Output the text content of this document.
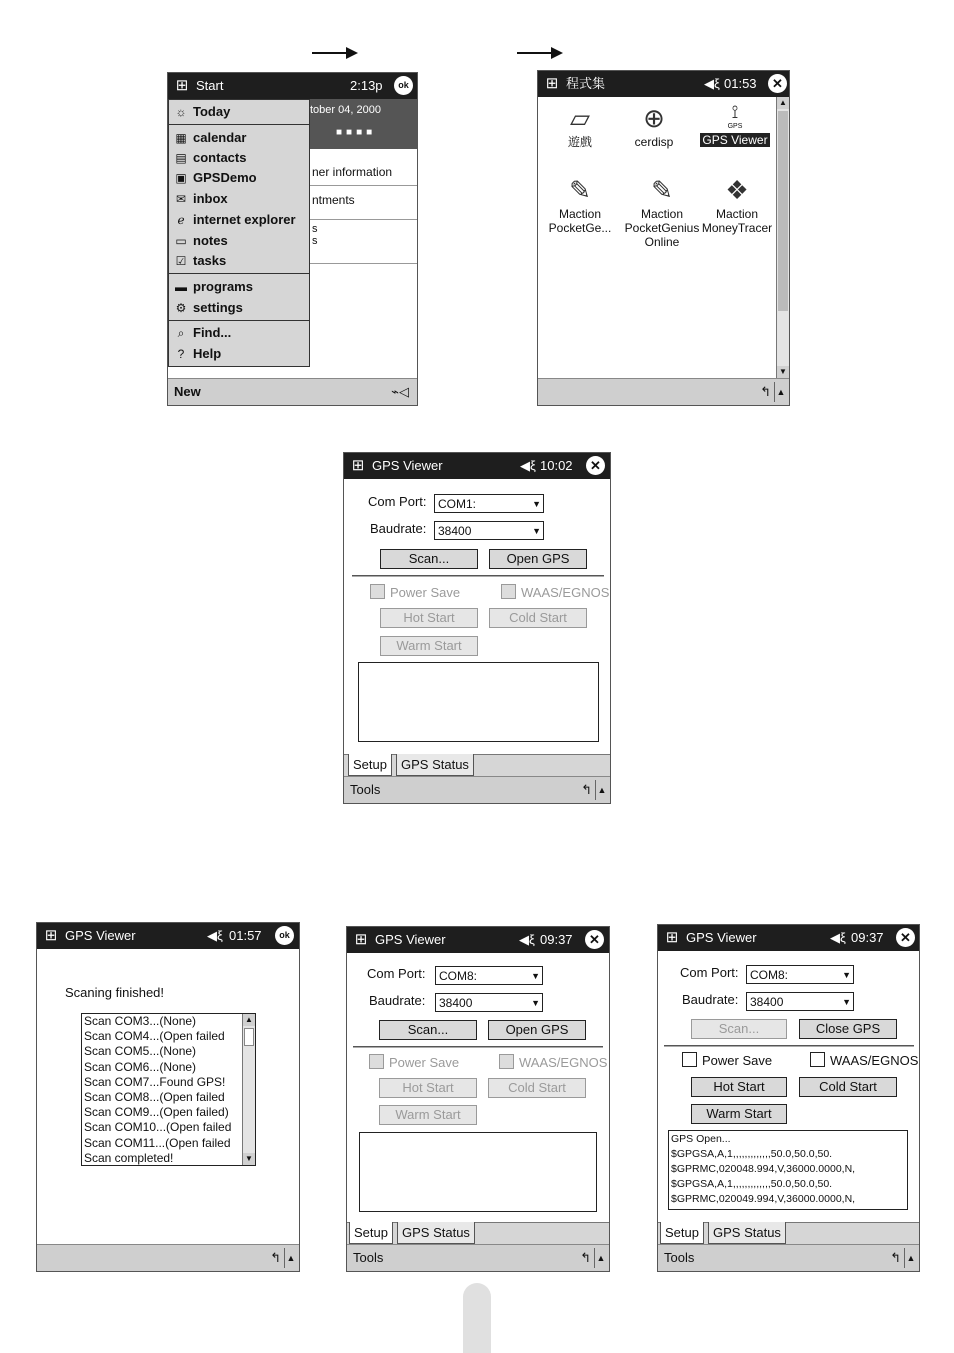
⊞ Start	2:13p	ok
tober 04, 2000
■■■■
ner information
ntments
s
s
☼ Today
▦ calendar
▤ contacts
▣ GPSDemo
✉ inbox
ℯ internet explorer
▭ notes
☑ tasks
▬ programs
⚙ settings
⌕ Find...
? Help
New	⌁◁
⊞ 程式集	◀ξ 01:53	✕
▱
遊戲
⊕
cerdisp
⟟
GPS
GPS Viewer
✎
Maction PocketGe...
✎
Maction PocketGenius Online
❖
Maction MoneyTracer
▲
▼
↰ ▲
⊞ GPS Viewer	◀ξ 10:02	✕
Com Port: COM1:	▼
Baudrate: 38400	▼
Scan...	Open GPS
Power Save	WAAS/EGNOS
Hot Start	Cold Start
Warm Start
Setup	GPS Status
Tools	↰ ▲
⊞ GPS Viewer	◀ξ 01:57	ok
Scaning finished!
Scan COM3...(None)
Scan COM4...(Open failed
Scan COM5...(None)
Scan COM6...(None)
Scan COM7...Found GPS!
Scan COM8...(Open failed
Scan COM9...(Open failed)
Scan COM10...(Open failed
Scan COM11...(Open failed
Scan completed!
▲
▼
↰ ▲
⊞ GPS Viewer	◀ξ 09:37	✕
Com Port:	COM8:	▼
Baudrate:	38400	▼
Scan...	Open GPS
Power Save	WAAS/EGNOS
Hot Start	Cold Start
Warm Start
Setup	GPS Status
Tools	↰ ▲
⊞ GPS Viewer	◀ξ 09:37	✕
Com Port: COM8:	▼
Baudrate: 38400	▼
Scan...	Close GPS
Power Save	WAAS/EGNOS
Hot Start	Cold Start
Warm Start
GPS Open...
$GPGSA,A,1,,,,,,,,,,,,,50.0,50.0,50.
$GPRMC,020048.994,V,36000.0000,N,
$GPGSA,A,1,,,,,,,,,,,,,50.0,50.0,50.
$GPRMC,020049.994,V,36000.0000,N,
Setup	GPS Status
Tools	↰ ▲
